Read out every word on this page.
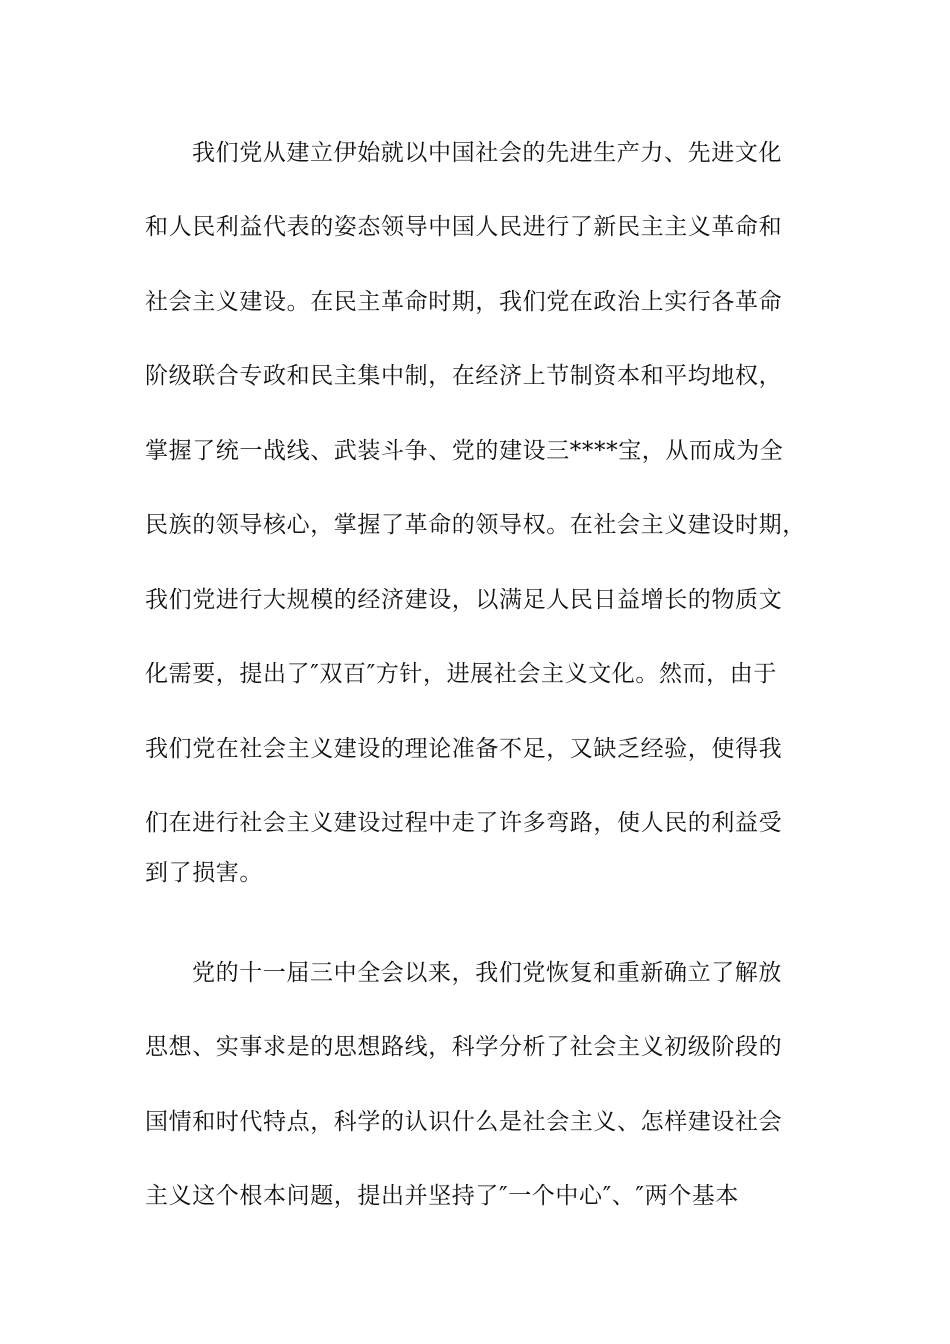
我们党从建立伊始就以中国社会的先进生产力、先进文化

和人民利益代表的姿态领导中国人民进行了新民主主义革命和

社会主义建设。在民主革命时期，我们党在政治上实行各革命

阶级联合专政和民主集中制，在经济上节制资本和平均地权，

掌握了统一战线、武装斗争、党的建设三****宝，从而成为全

民族的领导核心，掌握了革命的领导权。在社会主义建设时期，

我们党进行大规模的经济建设，以满足人民日益增长的物质文

化需要，提出了″双百″方针，进展社会主义文化。然而，由于

我们党在社会主义建设的理论准备不足，又缺乏经验，使得我

们在进行社会主义建设过程中走了许多弯路，使人民的利益受

到了损害。

党的十一届三中全会以来，我们党恢复和重新确立了解放

思想、实事求是的思想路线，科学分析了社会主义初级阶段的

国情和时代特点，科学的认识什么是社会主义、怎样建设社会

主义这个根本问题，提出并坚持了″一个中心″、″两个基本
